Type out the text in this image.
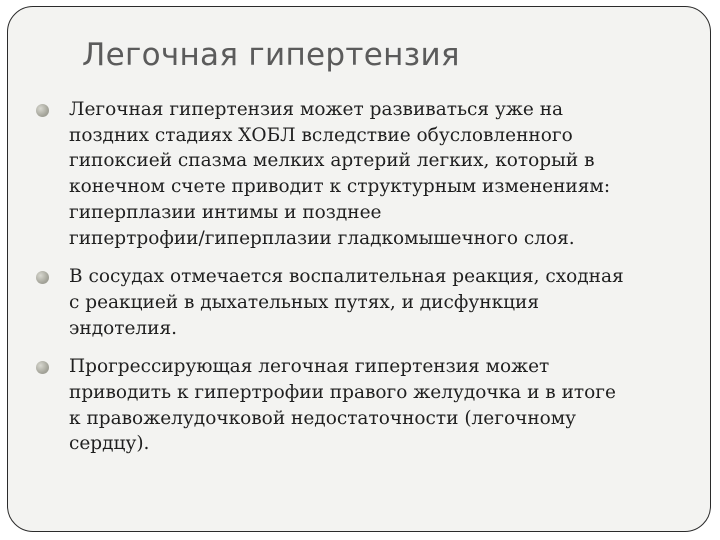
Легочная гипертензия
Легочная гипертензия может развиваться уже на
поздних стадиях ХОБЛ вследствие обусловленного
гипоксией спазма мелких артерий легких, который в
конечном счете приводит к структурным изменениям:
гиперплазии интимы и позднее
гипертрофии/гиперплазии гладкомышечного слоя.
В сосудах отмечается воспалительная реакция, сходная
с реакцией в дыхательных путях, и дисфункция
эндотелия.
Прогрессирующая легочная гипертензия может
приводить к гипертрофии правого желудочка и в итоге
к правожелудочковой недостаточности (легочному
сердцу).
